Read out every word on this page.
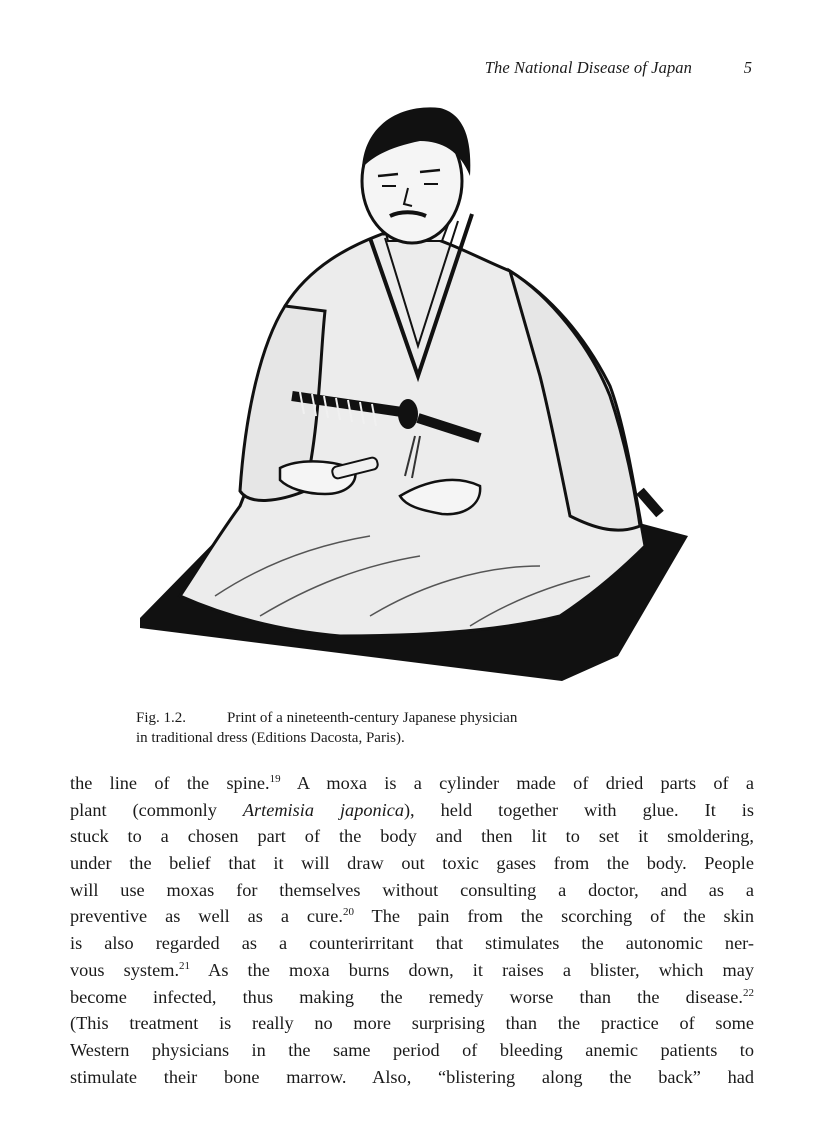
The National Disease of Japan	5
Fig. 1.2.	Print of a nineteenth-century Japanese physician
in traditional dress (Editions Dacosta, Paris).
the line of the spine.$^{19}$ A moxa is a cylinder made of dried parts of a
plant (commonly Artemisia japonica), held together with glue. It is
stuck to a chosen part of the body and then lit to set it smoldering,
under the belief that it will draw out toxic gases from the body. People
will use moxas for themselves without consulting a doctor, and as a
preventive as well as a cure.$^{20}$ The pain from the scorching of the skin
is also regarded as a counterirritant that stimulates the autonomic ner-
vous system.$^{21}$ As the moxa burns down, it raises a blister, which may
become infected, thus making the remedy worse than the disease.$^{22}$
(This treatment is really no more surprising than the practice of some
Western physicians in the same period of bleeding anemic patients to
stimulate their bone marrow. Also, “blistering along the back” had
